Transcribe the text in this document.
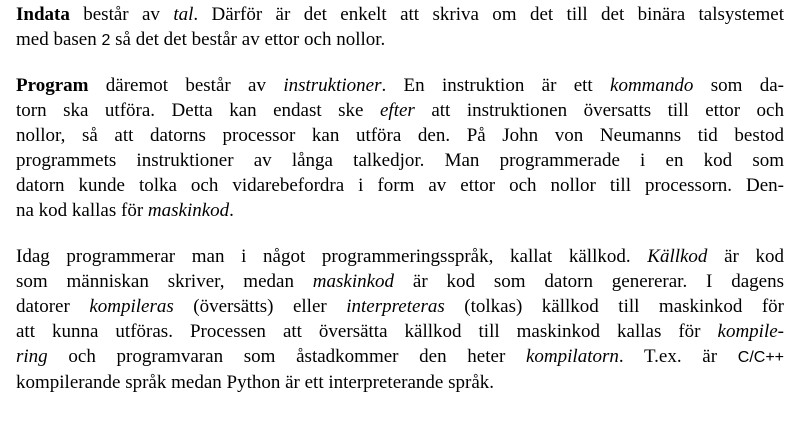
Indata består av tal. Därför är det enkelt att skriva om det till det binära talsystemet
med basen 2 så det det består av ettor och nollor.
Program däremot består av instruktioner. En instruktion är ett kommando som da-
torn ska utföra. Detta kan endast ske efter att instruktionen översatts till ettor och
nollor, så att datorns processor kan utföra den. På John von Neumanns tid bestod
programmets instruktioner av långa talkedjor. Man programmerade i en kod som
datorn kunde tolka och vidarebefordra i form av ettor och nollor till processorn. Den-
na kod kallas för maskinkod.
Idag programmerar man i något programmeringsspråk, kallat källkod. Källkod är kod
som människan skriver, medan maskinkod är kod som datorn genererar. I dagens
datorer kompileras (översätts) eller interpreteras (tolkas) källkod till maskinkod för
att kunna utföras. Processen att översätta källkod till maskinkod kallas för kompile-
ring och programvaran som åstadkommer den heter kompilatorn. T.ex. är C/C++
kompilerande språk medan Python är ett interpreterande språk.
